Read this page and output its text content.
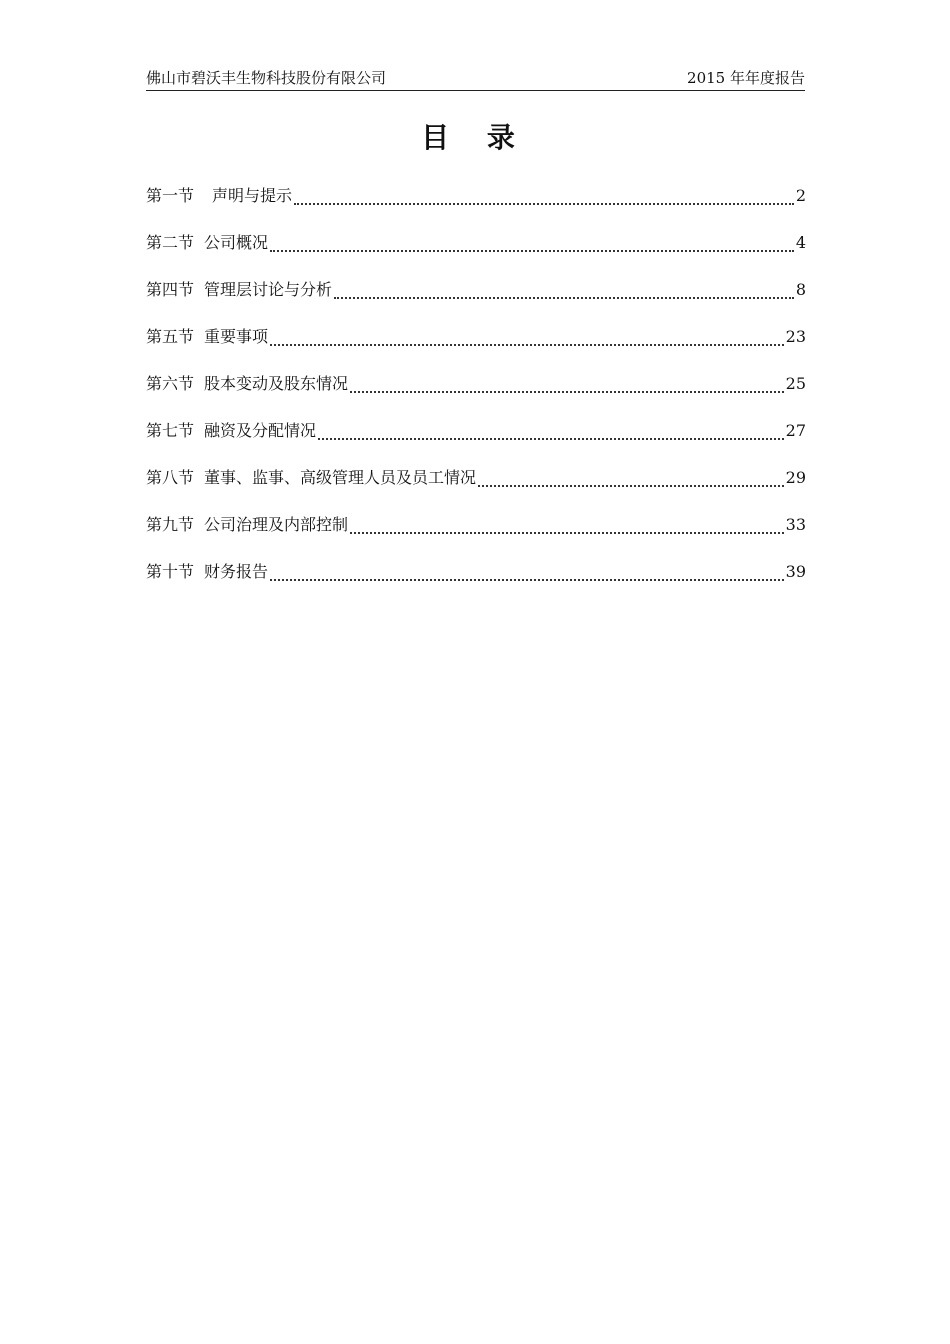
佛山市碧沃丰生物科技股份有限公司	2015 年年度报告
目 录
第一节 声明与提示	2
第二节 公司概况	4
第四节 管理层讨论与分析	8
第五节 重要事项	23
第六节 股本变动及股东情况	25
第七节 融资及分配情况	27
第八节 董事、监事、高级管理人员及员工情况	29
第九节 公司治理及内部控制	33
第十节 财务报告	39
